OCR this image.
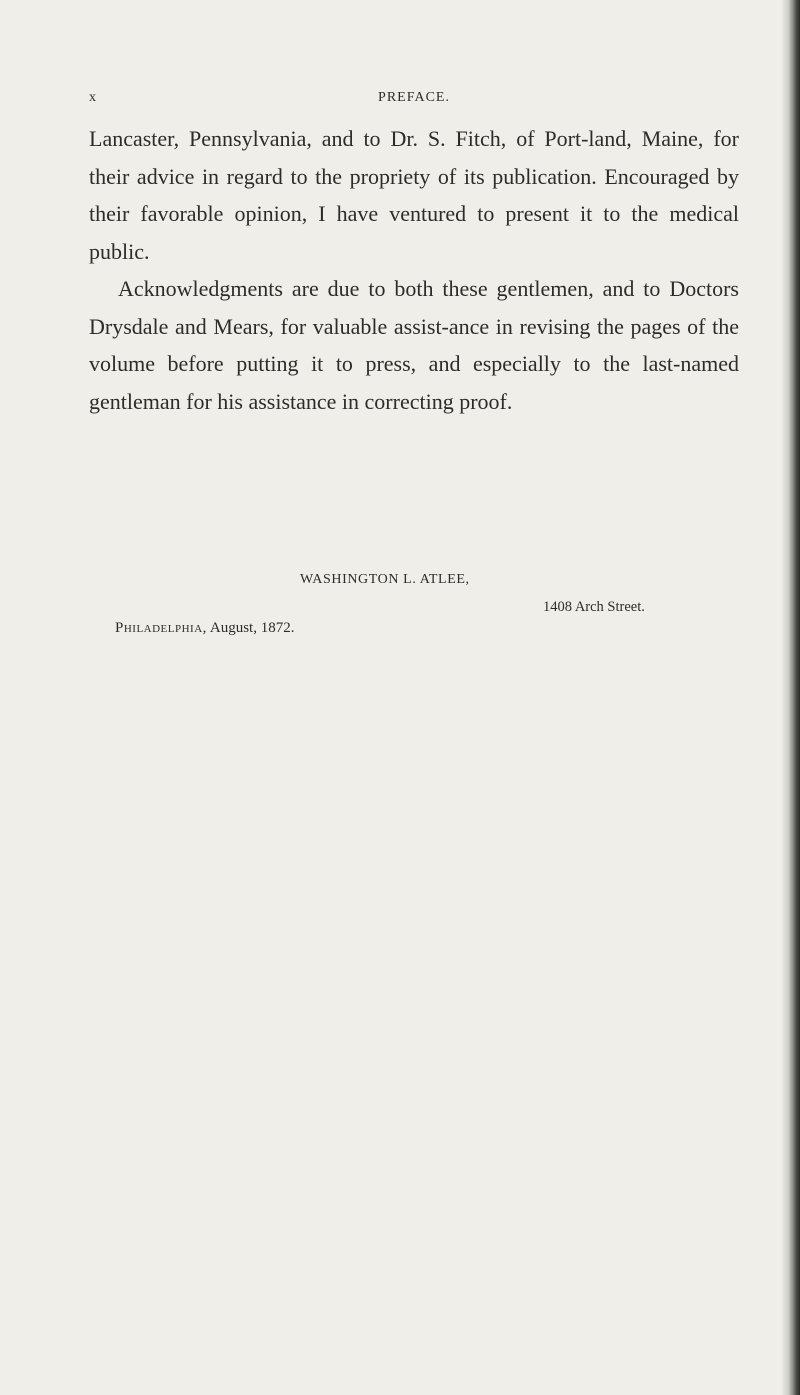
x	PREFACE.

Lancaster, Pennsylvania, and to Dr. S. Fitch, of Port-land, Maine, for their advice in regard to the propriety of its publication. Encouraged by their favorable opinion, I have ventured to present it to the medical public.

Acknowledgments are due to both these gentlemen, and to Doctors Drysdale and Mears, for valuable assist-ance in revising the pages of the volume before putting it to press, and especially to the last-named gentleman for his assistance in correcting proof.

WASHINGTON L. ATLEE,
1408 Arch Street.
Philadelphia, August, 1872.
